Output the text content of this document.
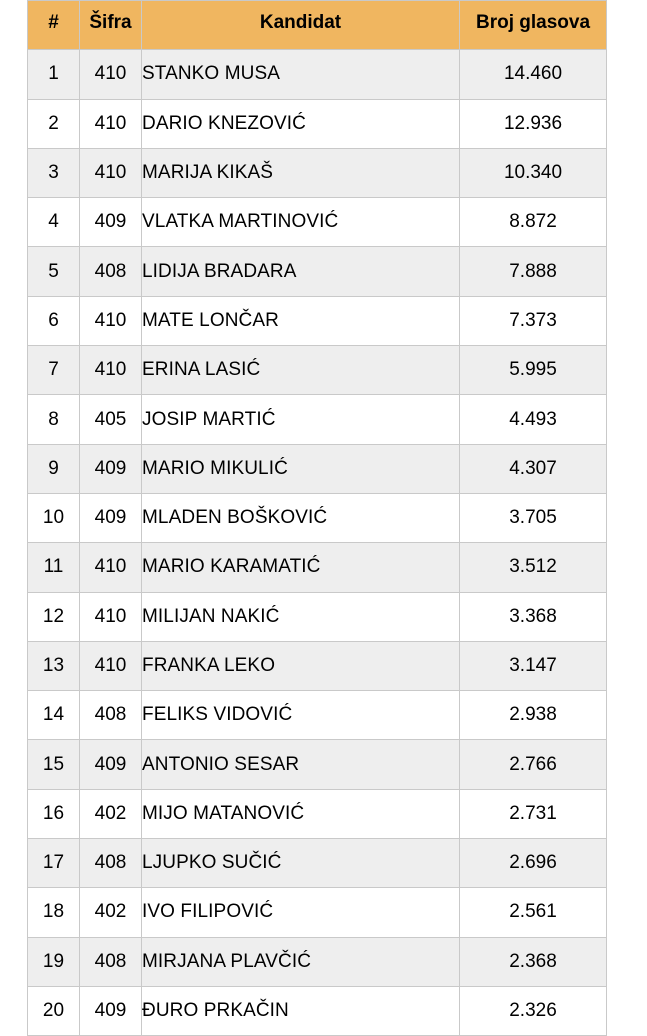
#	Šifra	Kandidat	Broj glasova

1	410	STANKO MUSA	14.460
2	410	DARIO KNEZOVIĆ	12.936
3	410	MARIJA KIKAŠ	10.340
4	409	VLATKA MARTINOVIĆ	8.872
5	408	LIDIJA BRADARA	7.888
6	410	MATE LONČAR	7.373
7	410	ERINA LASIĆ	5.995
8	405	JOSIP MARTIĆ	4.493
9	409	MARIO MIKULIĆ	4.307
10	409	MLADEN BOŠKOVIĆ	3.705
11	410	MARIO KARAMATIĆ	3.512
12	410	MILIJAN NAKIĆ	3.368
13	410	FRANKA LEKO	3.147
14	408	FELIKS VIDOVIĆ	2.938
15	409	ANTONIO SESAR	2.766
16	402	MIJO MATANOVIĆ	2.731
17	408	LJUPKO SUČIĆ	2.696
18	402	IVO FILIPOVIĆ	2.561
19	408	MIRJANA PLAVČIĆ	2.368
20	409	ĐURO PRKAČIN	2.326
